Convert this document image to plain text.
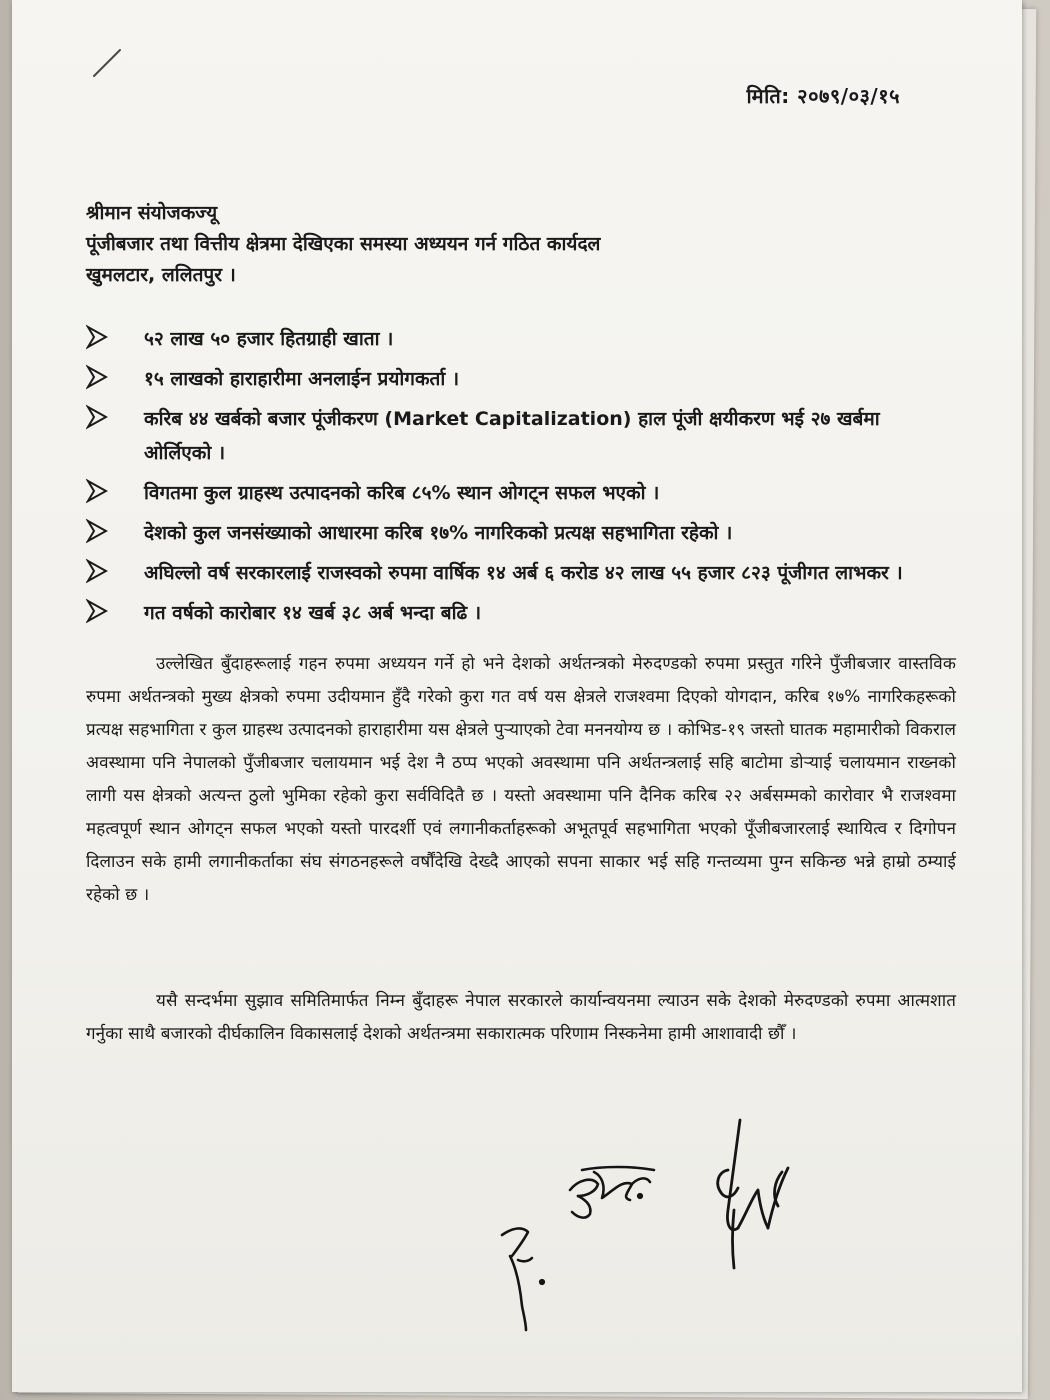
मिति: २०७९/०३/१५
श्रीमान संयोजकज्यू
पूंजीबजार तथा वित्तीय क्षेत्रमा देखिएका समस्या अध्ययन गर्न गठित कार्यदल
खुमलटार, ललितपुर ।
५२ लाख ५० हजार हितग्राही खाता ।
१५ लाखको हाराहारीमा अनलाईन प्रयोगकर्ता ।
करिब ४४ खर्बको बजार पूंजीकरण (Market Capitalization) हाल पूंजी क्षयीकरण भई २७ खर्बमा ओर्लिएको ।
विगतमा कुल ग्राहस्थ उत्पादनको करिब ८५% स्थान ओगट्न सफल भएको ।
देशको कुल जनसंख्याको आधारमा करिब १७% नागरिकको प्रत्यक्ष सहभागिता रहेको ।
अघिल्लो वर्ष सरकारलाई राजस्वको रुपमा वार्षिक १४ अर्ब ६ करोड ४२ लाख ५५ हजार ८२३ पूंजीगत लाभकर ।
गत वर्षको कारोबार १४ खर्ब ३८ अर्ब भन्दा बढि ।
उल्लेखित बुँदाहरूलाई गहन रुपमा अध्ययन गर्ने हो भने देशको अर्थतन्त्रको मेरुदण्डको रुपमा प्रस्तुत गरिने पुँजीबजार वास्तविक रुपमा अर्थतन्त्रको मुख्य क्षेत्रको रुपमा उदीयमान हुँदै गरेको कुरा गत वर्ष यस क्षेत्रले राजश्वमा दिएको योगदान, करिब १७% नागरिकहरूको प्रत्यक्ष सहभागिता र कुल ग्राहस्थ उत्पादनको हाराहारीमा यस क्षेत्रले पुऱ्याएको टेवा मननयोग्य छ । कोभिड-१९ जस्तो घातक महामारीको विकराल अवस्थामा पनि नेपालको पुँजीबजार चलायमान भई देश नै ठप्प भएको अवस्थामा पनि अर्थतन्त्रलाई सहि बाटोमा डोऱ्याई चलायमान राख्नको लागी यस क्षेत्रको अत्यन्त ठुलो भुमिका रहेको कुरा सर्वविदितै छ । यस्तो अवस्थामा पनि दैनिक करिब २२ अर्बसम्मको कारोवार भै राजश्वमा महत्वपूर्ण स्थान ओगट्न सफल भएको यस्तो पारदर्शी एवं लगानीकर्ताहरूको अभूतपूर्व सहभागिता भएको पूँजीबजारलाई स्थायित्व र दिगोपन दिलाउन सके हामी लगानीकर्ताका संघ संगठनहरूले वर्षौंदेखि देख्दै आएको सपना साकार भई सहि गन्तव्यमा पुग्न सकिन्छ भन्ने हाम्रो ठम्याई रहेको छ ।
यसै सन्दर्भमा सुझाव समितिमार्फत निम्न बुँदाहरू नेपाल सरकारले कार्यान्वयनमा ल्याउन सके देशको मेरुदण्डको रुपमा आत्मशात गर्नुका साथै बजारको दीर्घकालिन विकासलाई देशको अर्थतन्त्रमा सकारात्मक परिणाम निस्कनेमा हामी आशावादी छौँ ।
